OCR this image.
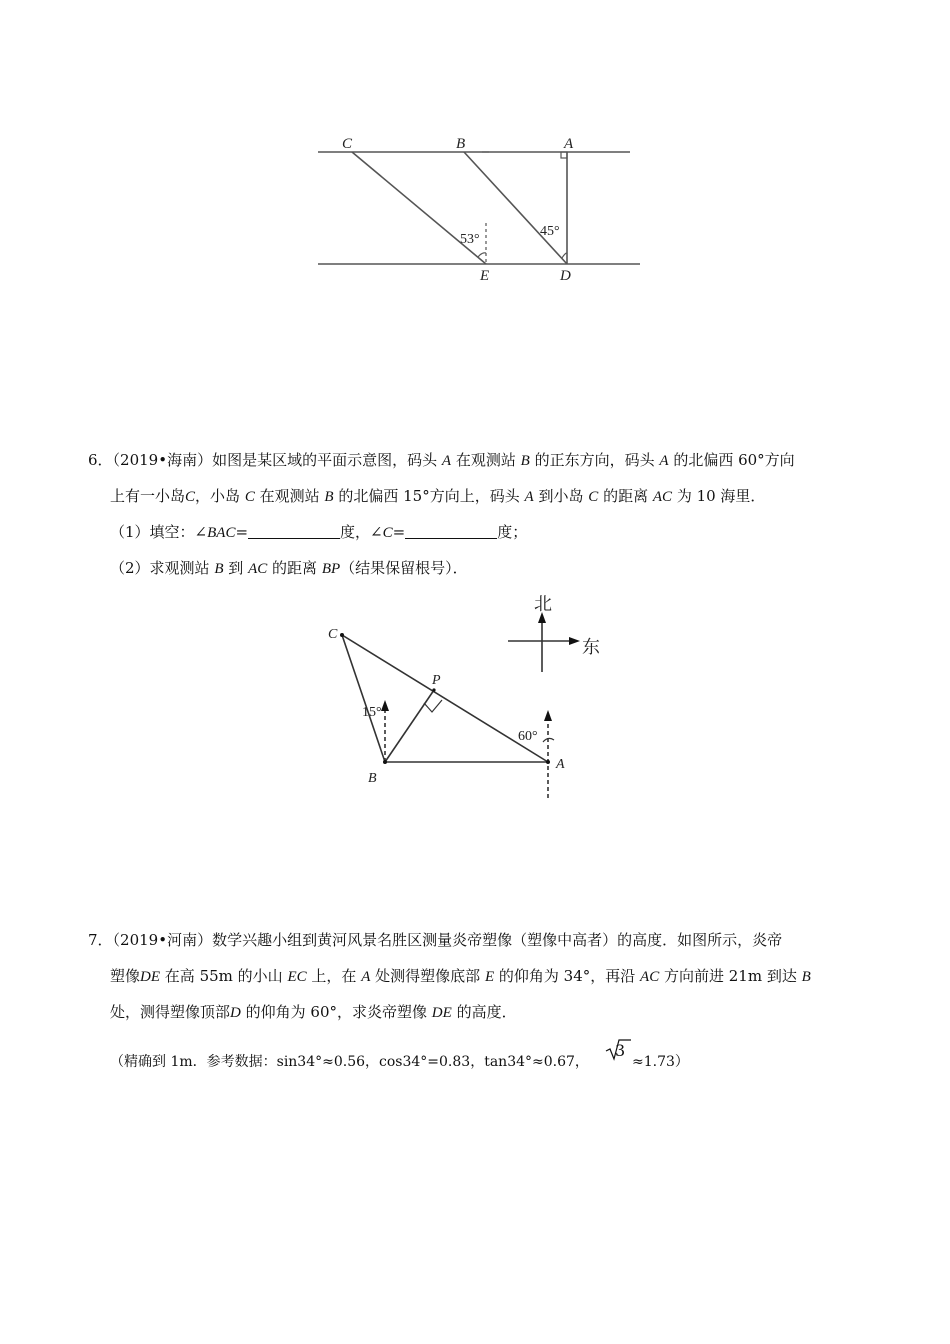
C	B	A
E	D
53°
45°
6．（2019•海南）如图是某区域的平面示意图，码头 A 在观测站 B 的正东方向，码头 A 的北偏西 60°方向
上有一小岛C，小岛 C 在观测站 B 的北偏西 15°方向上，码头 A 到小岛 C 的距离 AC 为 10 海里．
（1）填空：∠BAC=	度，∠C=	度；
（2）求观测站 B 到 AC 的距离 BP（结果保留根号）．
C
P
B
A
15°
60°
北
东
7．（2019•河南）数学兴趣小组到黄河风景名胜区测量炎帝塑像（塑像中高者）的高度．如图所示，炎帝
塑像DE 在高 55m 的小山 EC 上，在 A 处测得塑像底部 E 的仰角为 34°，再沿 AC 方向前进 21m 到达 B
处，测得塑像顶部D 的仰角为 60°，求炎帝塑像 DE 的高度．
（精确到 1m．参考数据：sin34°≈0.56，cos34°=0.83，tan34°≈0.67，
3
≈1.73）
